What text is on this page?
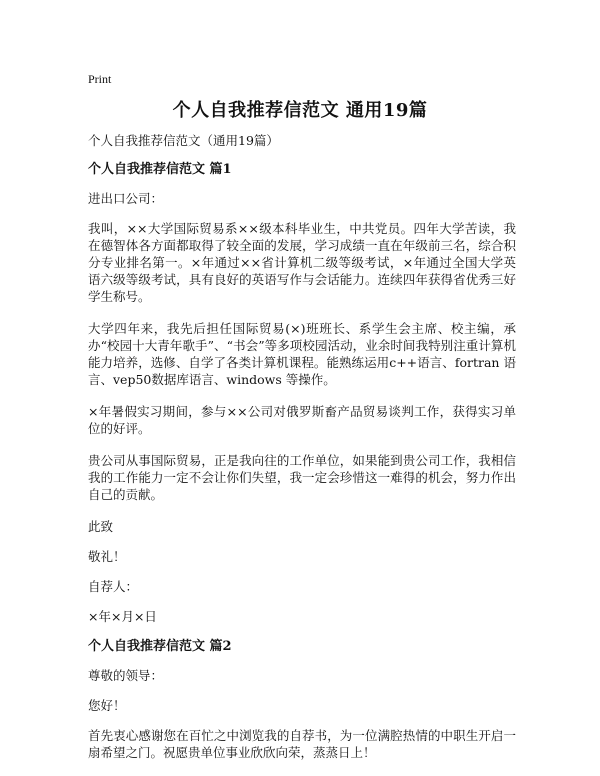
Print
个人自我推荐信范文 通用19篇

个人自我推荐信范文（通用19篇）

个人自我推荐信范文 篇1

进出口公司：

我叫，××大学国际贸易系××级本科毕业生，中共党员。四年大学苦读，我在德智体各方面都取得了较全面的发展，学习成绩一直在年级前三名，综合积分专业排名第一。×年通过××省计算机二级等级考试，×年通过全国大学英语六级等级考试，具有良好的英语写作与会话能力。连续四年获得省优秀三好学生称号。

大学四年来，我先后担任国际贸易(×)班班长、系学生会主席、校主编，承办“校园十大青年歌手”、“书会”等多项校园活动，业余时间我特别注重计算机能力培养，选修、自学了各类计算机课程。能熟练运用c++语言、fortran 语言、vep50数据库语言、windows 等操作。

×年暑假实习期间，参与××公司对俄罗斯畜产品贸易谈判工作，获得实习单位的好评。

贵公司从事国际贸易，正是我向往的工作单位，如果能到贵公司工作，我相信我的工作能力一定不会让你们失望，我一定会珍惜这一难得的机会，努力作出自己的贡献。

此致

敬礼！

自荐人：

×年×月×日

个人自我推荐信范文 篇2

尊敬的领导：

您好！

首先衷心感谢您在百忙之中浏览我的自荐书，为一位满腔热情的中职生开启一扇希望之门。祝愿贵单位事业欣欣向荣，蒸蒸日上！
